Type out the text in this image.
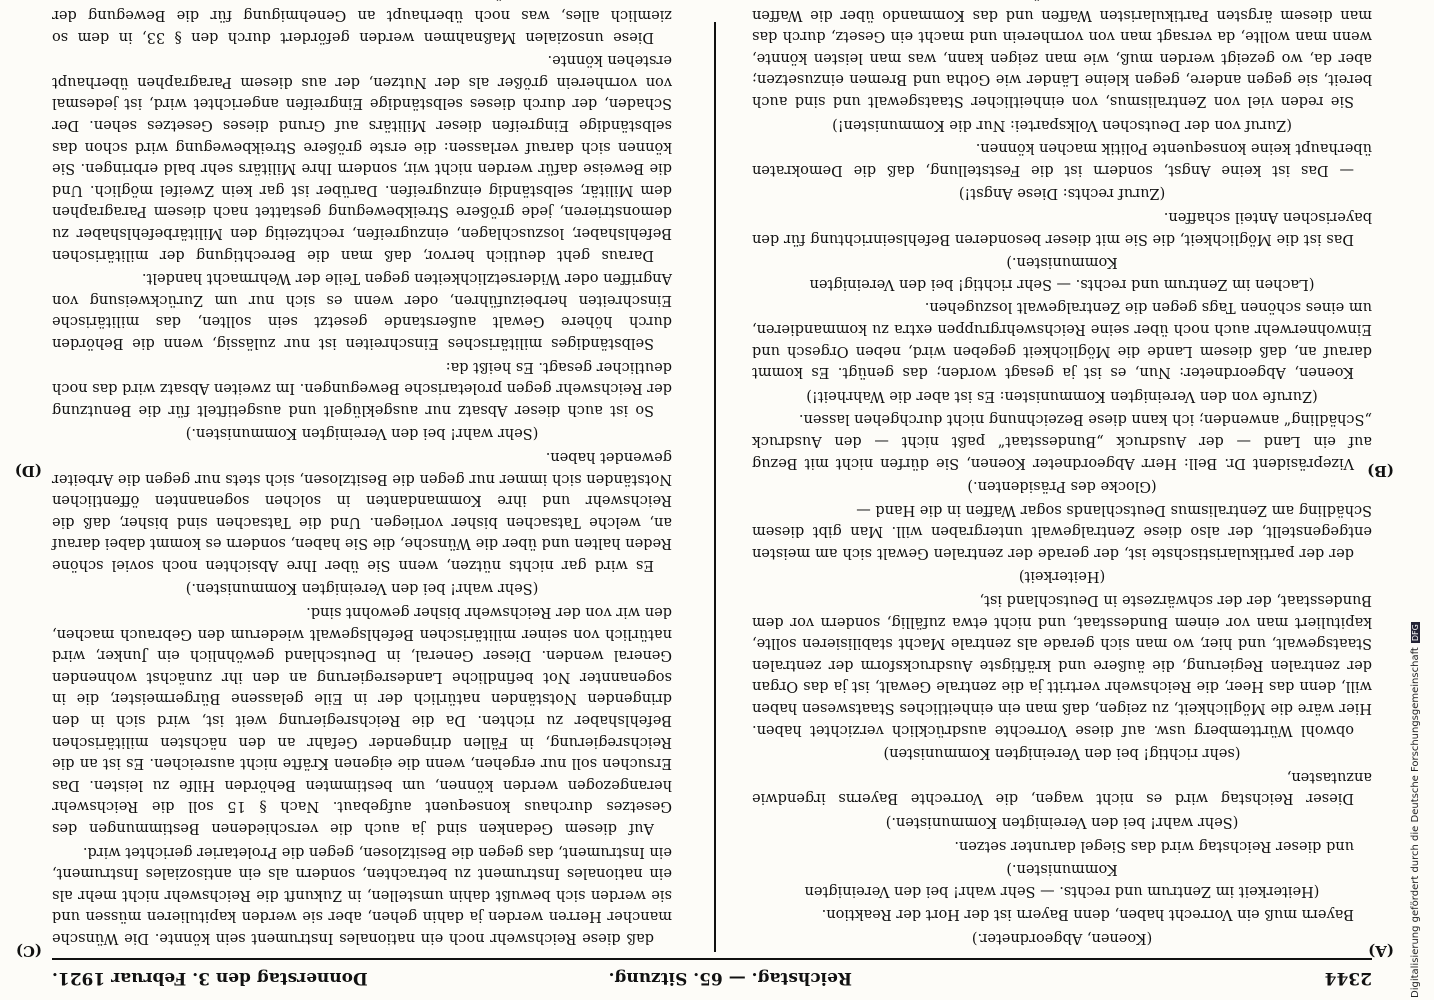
2344
Reichstag. — 65. Sitzung.
Donnerstag den 3. Februar 1921.
(A)
(B)
(C)
(D)

(Koenen, Abgeordneter.)

Bayern muß ein Vorrecht haben, denn Bayern ist der Hort der Reaktion.

(Heiterkeit im Zentrum und rechts. — Sehr wahr! bei den Vereinigten Kommunisten.)

und dieser Reichstag wird das Siegel darunter setzen.

(Sehr wahr! bei den Vereinigten Kommunisten.)

Dieser Reichstag wird es nicht wagen, die Vorrechte Bayerns irgendwie anzutasten,

(sehr richtig! bei den Vereinigten Kommunisten)

obwohl Württemberg usw. auf diese Vorrechte ausdrücklich verzichtet haben. Hier wäre die Möglichkeit, zu zeigen, daß man ein einheitliches Staatswesen haben will, denn das Heer, die Reichswehr vertritt ja die zentrale Gewalt, ist ja das Organ der zentralen Regierung, die äußere und kräftigste Ausdrucksform der zentralen Staatsgewalt, und hier, wo man sich gerade als zentrale Macht stabilisieren sollte, kapituliert man vor einem Bundesstaat, und nicht etwa zufällig, sondern vor dem Bundesstaat, der der schwärzeste in Deutschland ist,

(Heiterkeit)

der der partikularistischste ist, der gerade der zentralen Gewalt sich am meisten entgegenstellt, der also diese Zentralgewalt untergraben will. Man gibt diesem Schädling am Zentralismus Deutschlands sogar Waffen in die Hand —

(Glocke des Präsidenten.)

Vizepräsident Dr. Bell: Herr Abgeordneter Koenen, Sie dürfen nicht mit Bezug auf ein Land — der Ausdruck „Bundesstaat“ paßt nicht — den Ausdruck „Schädling“ anwenden; ich kann diese Bezeichnung nicht durchgehen lassen.

(Zurufe von den Vereinigten Kommunisten: Es ist aber die Wahrheit!)

Koenen, Abgeordneter: Nun, es ist ja gesagt worden; das genügt. Es kommt darauf an, daß diesem Lande die Möglichkeit gegeben wird, neben Orgesch und Einwohnerwehr auch noch über seine Reichswehrgruppen extra zu kommandieren, um eines schönen Tags gegen die Zentralgewalt loszugehen.

(Lachen im Zentrum und rechts. — Sehr richtig! bei den Vereinigten Kommunisten.)

Das ist die Möglichkeit, die Sie mit dieser besonderen Befehlseinrichtung für den bayerischen Anteil schaffen.

(Zuruf rechts: Diese Angst!)

— Das ist keine Angst, sondern ist die Feststellung, daß die Demokraten überhaupt keine konsequente Politik machen können.

(Zuruf von der Deutschen Volkspartei: Nur die Kommunisten!)

Sie reden viel von Zentralismus, von einheitlicher Staatsgewalt und sind auch bereit, sie gegen andere, gegen kleine Länder wie Gotha und Bremen einzusetzen; aber da, wo gezeigt werden muß, wie man zeigen kann, was man leisten könnte, wenn man wollte, da versagt man von vornherein und macht ein Gesetz, durch das man diesem ärgsten Partikularisten Waffen und das Kommando über die Waffen

daß diese Reichswehr noch ein nationales Instrument sein könnte. Die Wünsche mancher Herren werden ja dahin gehen, aber sie werden kapitulieren müssen und sie werden sich bewußt dahin umstellen, in Zukunft die Reichswehr nicht mehr als ein nationales Instrument zu betrachten, sondern als ein antisoziales Instrument, ein Instrument, das gegen die Besitzlosen, gegen die Proletarier gerichtet wird.

Auf diesem Gedanken sind ja auch die verschiedenen Bestimmungen des Gesetzes durchaus konsequent aufgebaut. Nach § 15 soll die Reichswehr herangezogen werden können, um bestimmten Behörden Hilfe zu leisten. Das Ersuchen soll nur ergehen, wenn die eigenen Kräfte nicht ausreichen. Es ist an die Reichsregierung, in Fällen dringender Gefahr an den nächsten militärischen Befehlshaber zu richten. Da die Reichsregierung weit ist, wird sich in den dringenden Notständen natürlich der in Eile gelassene Bürgermeister, die in sogenannter Not befindliche Landesregierung an den ihr zunächst wohnenden General wenden. Dieser General, in Deutschland gewöhnlich ein Junker, wird natürlich von seiner militärischen Befehlsgewalt wiederum den Gebrauch machen, den wir von der Reichswehr bisher gewohnt sind.

(Sehr wahr! bei den Vereinigten Kommunisten.)

Es wird gar nichts nützen, wenn Sie über Ihre Absichten noch soviel schöne Reden halten und über die Wünsche, die Sie haben, sondern es kommt dabei darauf an, welche Tatsachen bisher vorliegen. Und die Tatsachen sind bisher, daß die Reichswehr und ihre Kommandanten in solchen sogenannten öffentlichen Notständen sich immer nur gegen die Besitzlosen, sich stets nur gegen die Arbeiter gewendet haben.

(Sehr wahr! bei den Vereinigten Kommunisten.)

So ist auch dieser Absatz nur ausgeklügelt und ausgetiftelt für die Benutzung der Reichswehr gegen proletarische Bewegungen. Im zweiten Absatz wird das noch deutlicher gesagt. Es heißt da:

Selbständiges militärisches Einschreiten ist nur zulässig, wenn die Behörden durch höhere Gewalt außerstande gesetzt sein sollten, das militärische Einschreiten herbeizuführen, oder wenn es sich nur um Zurückweisung von Angriffen oder Widersetzlichkeiten gegen Teile der Wehrmacht handelt.

Daraus geht deutlich hervor, daß man die Berechtigung der militärischen Befehlshaber, loszuschlagen, einzugreifen, rechtzeitig den Militärbefehlshaber zu demonstrieren, jede größere Streikbewegung gestattet nach diesem Paragraphen dem Militär, selbständig einzugreifen. Darüber ist gar kein Zweifel möglich. Und die Beweise dafür werden nicht wir, sondern Ihre Militärs sehr bald erbringen. Sie können sich darauf verlassen: die erste größere Streikbewegung wird schon das selbständige Eingreifen dieser Militärs auf Grund dieses Gesetzes sehen. Der Schaden, der durch dieses selbständige Eingreifen angerichtet wird, ist jedesmal von vornherein größer als der Nutzen, der aus diesem Paragraphen überhaupt erstehen könnte.

Diese unsozialen Maßnahmen werden gefördert durch den § 33, in dem so ziemlich alles, was noch überhaupt an Genehmigung für die Bewegung der

Digitalisierung gefördert durch die Deutsche ForschungsgemeinschaftDFG
